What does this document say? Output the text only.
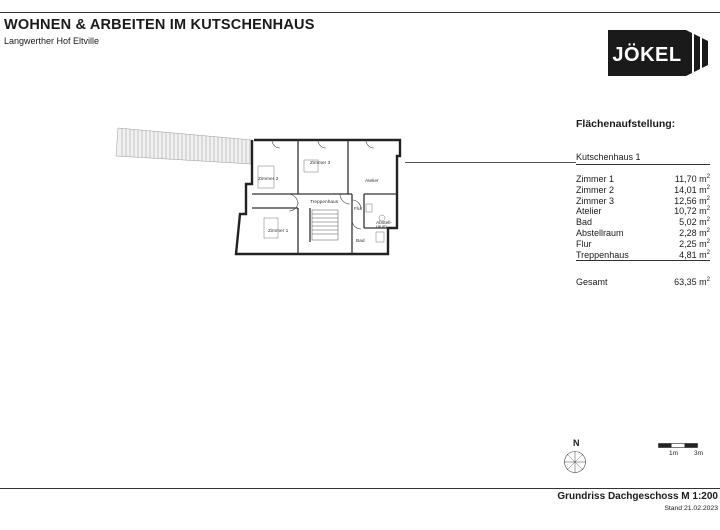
WOHNEN & ARBEITEN IM KUTSCHENHAUS
Langwerther Hof Eltville
JÖKEL
Flächenaufstellung:
Kutschenhaus 1
Zimmer 1	11,70 $m^2$
Zimmer 2	14,01 $m^2$
Zimmer 3	12,56 $m^2$
Atelier	10,72 $m^2$
Bad	5,02 $m^2$
Abstellraum	2,28 $m^2$
Flur	2,25 $m^2$
Treppenhaus	4,81 $m^2$
Gesamt	63,35 $m^2$
Zimmer 2
Zimmer 3
Atelier
Zimmer 1
Treppenhaus
Flur
Bad
Abstell-raum
N
1m 3m
Grundriss Dachgeschoss M 1:200
Stand 21.02.2023
